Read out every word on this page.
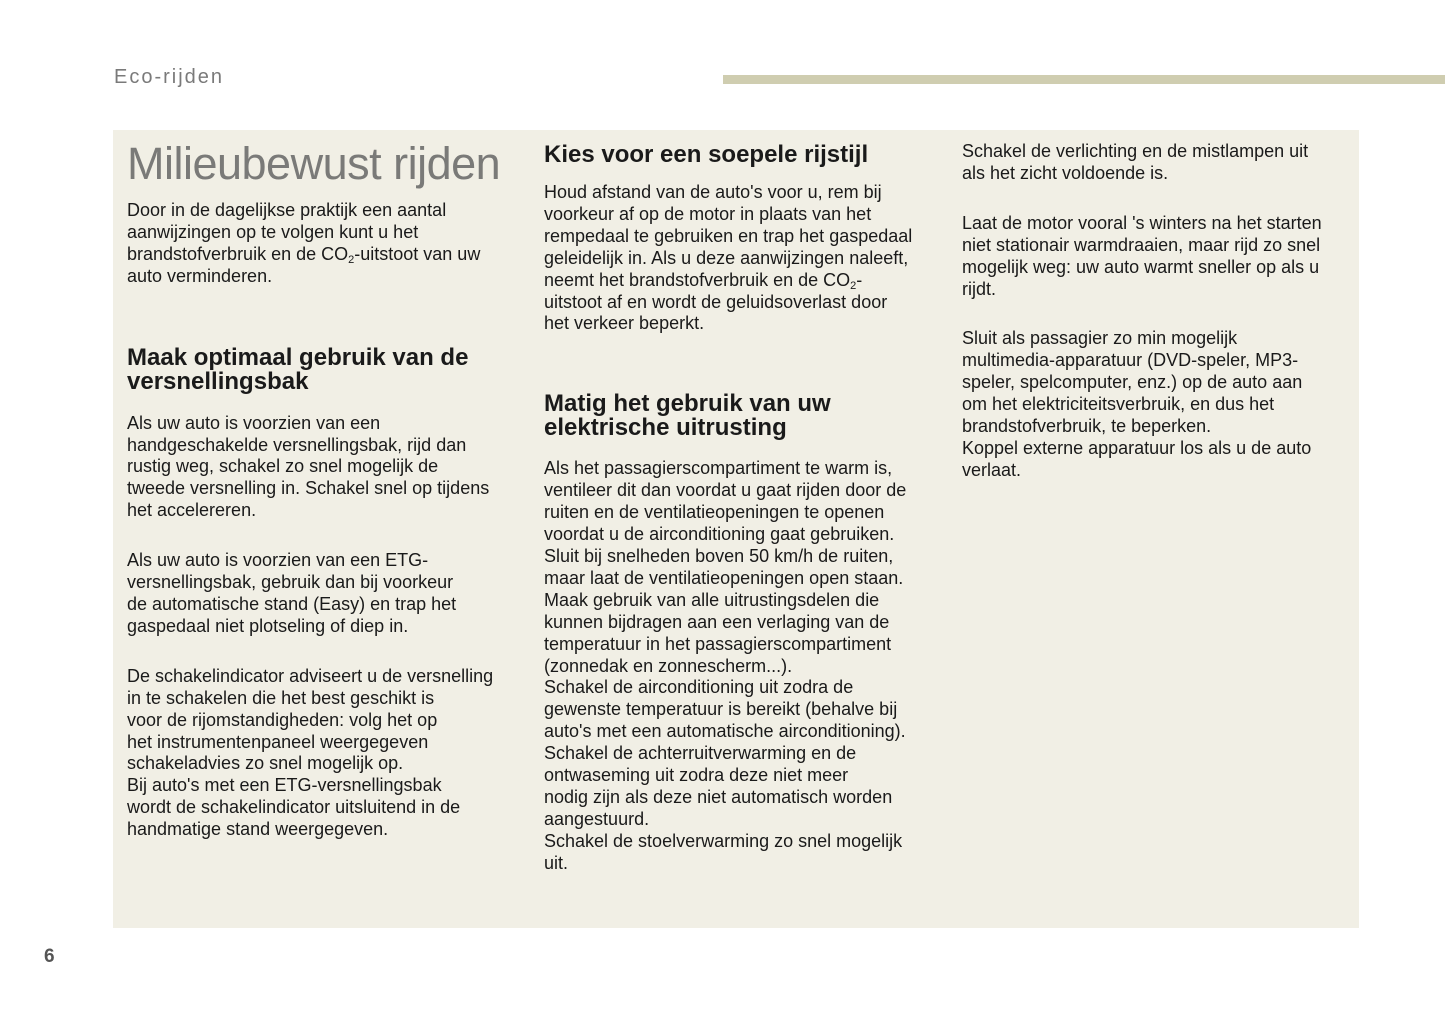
Eco-rijden
Milieubewust rijden

Door in de dagelijkse praktijk een aantal
aanwijzingen op te volgen kunt u het
brandstofverbruik en de $CO_2$-uitstoot van uw
auto verminderen.

Maak optimaal gebruik van de
versnellingsbak

Als uw auto is voorzien van een
handgeschakelde versnellingsbak, rijd dan
rustig weg, schakel zo snel mogelijk de
tweede versnelling in. Schakel snel op tijdens
het accelereren.

Als uw auto is voorzien van een ETG-
versnellingsbak, gebruik dan bij voorkeur
de automatische stand (Easy) en trap het
gaspedaal niet plotseling of diep in.

De schakelindicator adviseert u de versnelling
in te schakelen die het best geschikt is
voor de rijomstandigheden: volg het op
het instrumentenpaneel weergegeven
schakeladvies zo snel mogelijk op.
Bij auto's met een ETG-versnellingsbak
wordt de schakelindicator uitsluitend in de
handmatige stand weergegeven.

Kies voor een soepele rijstijl

Houd afstand van de auto's voor u, rem bij
voorkeur af op de motor in plaats van het
rempedaal te gebruiken en trap het gaspedaal
geleidelijk in. Als u deze aanwijzingen naleeft,
neemt het brandstofverbruik en de $CO_2-$
uitstoot af en wordt de geluidsoverlast door
het verkeer beperkt.

Matig het gebruik van uw
elektrische uitrusting

Als het passagierscompartiment te warm is,
ventileer dit dan voordat u gaat rijden door de
ruiten en de ventilatieopeningen te openen
voordat u de airconditioning gaat gebruiken.
Sluit bij snelheden boven 50 km/h de ruiten,
maar laat de ventilatieopeningen open staan.
Maak gebruik van alle uitrustingsdelen die
kunnen bijdragen aan een verlaging van de
temperatuur in het passagierscompartiment
(zonnedak en zonnescherm...).
Schakel de airconditioning uit zodra de
gewenste temperatuur is bereikt (behalve bij
auto's met een automatische airconditioning).
Schakel de achterruitverwarming en de
ontwaseming uit zodra deze niet meer
nodig zijn als deze niet automatisch worden
aangestuurd.
Schakel de stoelverwarming zo snel mogelijk
uit.

Schakel de verlichting en de mistlampen uit
als het zicht voldoende is.

Laat de motor vooral 's winters na het starten
niet stationair warmdraaien, maar rijd zo snel
mogelijk weg: uw auto warmt sneller op als u
rijdt.

Sluit als passagier zo min mogelijk
multimedia-apparatuur (DVD-speler, MP3-
speler, spelcomputer, enz.) op de auto aan
om het elektriciteitsverbruik, en dus het
brandstofverbruik, te beperken.
Koppel externe apparatuur los als u de auto
verlaat.

6
